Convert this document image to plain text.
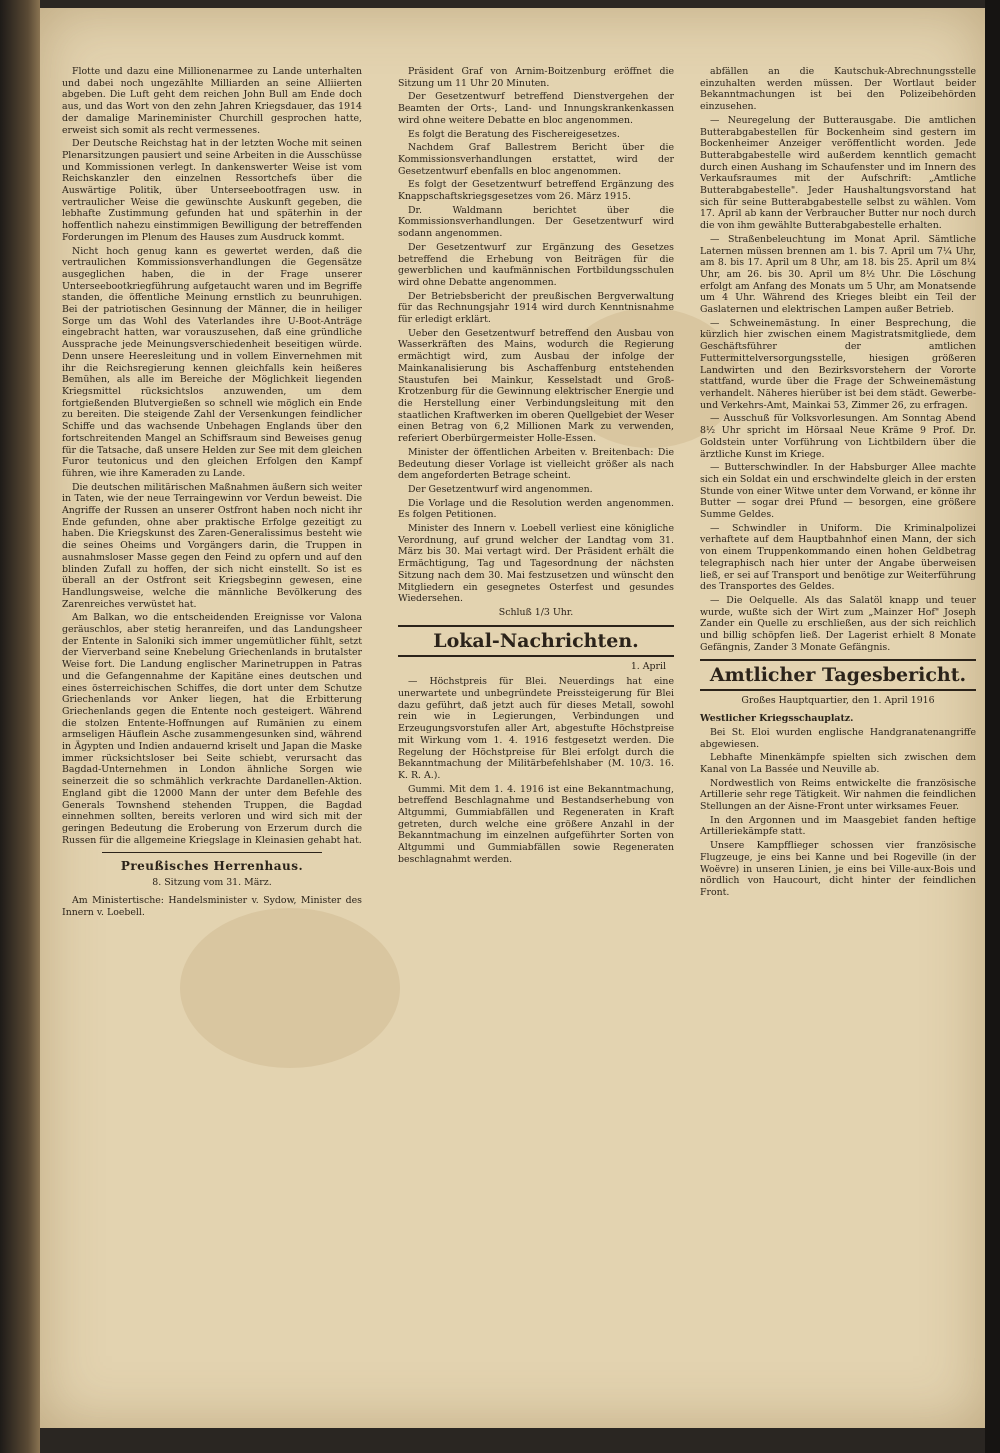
Flotte und dazu eine Millionenarmee zu Lande unterhalten und dabei noch ungezählte Milliarden an seine Alliierten abgeben. Die Luft geht dem reichen John Bull am Ende doch aus, und das Wort von den zehn Jahren Kriegsdauer, das 1914 der damalige Marineminister Churchill gesprochen hatte, erweist sich somit als recht vermessenes.

Der Deutsche Reichstag hat in der letzten Woche mit seinen Plenarsitzungen pausiert und seine Arbeiten in die Ausschüsse und Kommissionen verlegt. In dankenswerter Weise ist vom Reichskanzler den einzelnen Ressortchefs über die Auswärtige Politik, über Unterseebootfragen usw. in vertraulicher Weise die gewünschte Auskunft gegeben, die lebhafte Zustimmung gefunden hat und späterhin in der hoffentlich nahezu einstimmigen Bewilligung der betreffenden Forderungen im Plenum des Hauses zum Ausdruck kommt.

Nicht hoch genug kann es gewertet werden, daß die vertraulichen Kommissionsverhandlungen die Gegensätze ausgeglichen haben, die in der Frage unserer Unterseebootkriegführung aufgetaucht waren und im Begriffe standen, die öffentliche Meinung ernstlich zu beunruhigen. Bei der patriotischen Gesinnung der Männer, die in heiliger Sorge um das Wohl des Vaterlandes ihre U-Boot-Anträge eingebracht hatten, war vorauszusehen, daß eine gründliche Aussprache jede Meinungsverschiedenheit beseitigen würde. Denn unsere Heeresleitung und in vollem Einvernehmen mit ihr die Reichsregierung kennen gleichfalls kein heißeres Bemühen, als alle im Bereiche der Möglichkeit liegenden Kriegsmittel rücksichtslos anzuwenden, um dem fortgießenden Blutvergießen so schnell wie möglich ein Ende zu bereiten. Die steigende Zahl der Versenkungen feindlicher Schiffe und das wachsende Unbehagen Englands über den fortschreitenden Mangel an Schiffsraum sind Beweises genug für die Tatsache, daß unsere Helden zur See mit dem gleichen Furor teutonicus und den gleichen Erfolgen den Kampf führen, wie ihre Kameraden zu Lande.

Die deutschen militärischen Maßnahmen äußern sich weiter in Taten, wie der neue Terraingewinn vor Verdun beweist. Die Angriffe der Russen an unserer Ostfront haben noch nicht ihr Ende gefunden, ohne aber praktische Erfolge gezeitigt zu haben. Die Kriegskunst des Zaren-Generalissimus besteht wie die seines Oheims und Vorgängers darin, die Truppen in ausnahmsloser Masse gegen den Feind zu opfern und auf den blinden Zufall zu hoffen, der sich nicht einstellt. So ist es überall an der Ostfront seit Kriegsbeginn gewesen, eine Handlungsweise, welche die männliche Bevölkerung des Zarenreiches verwüstet hat.

Am Balkan, wo die entscheidenden Ereignisse vor Valona geräuschlos, aber stetig heranreifen, und das Landungsheer der Entente in Saloniki sich immer ungemütlicher fühlt, setzt der Vierverband seine Knebelung Griechenlands in brutalster Weise fort. Die Landung englischer Marinetruppen in Patras und die Gefangennahme der Kapitäne eines deutschen und eines österreichischen Schiffes, die dort unter dem Schutze Griechenlands vor Anker liegen, hat die Erbitterung Griechenlands gegen die Entente noch gesteigert. Während die stolzen Entente-Hoffnungen auf Rumänien zu einem armseligen Häuflein Asche zusammengesunken sind, während in Ägypten und Indien andauernd kriselt und Japan die Maske immer rücksichtsloser bei Seite schiebt, verursacht das Bagdad-Unternehmen in London ähnliche Sorgen wie seinerzeit die so schmählich verkrachte Dardanellen-Aktion. England gibt die 12000 Mann der unter dem Befehle des Generals Townshend stehenden Truppen, die Bagdad einnehmen sollten, bereits verloren und wird sich mit der geringen Bedeutung die Eroberung von Erzerum durch die Russen für die allgemeine Kriegslage in Kleinasien gehabt hat.

Preußisches Herrenhaus.
8. Sitzung vom 31. März.

Am Ministertische: Handelsminister v. Sydow, Minister des Innern v. Loebell.

Präsident Graf von Arnim-Boitzenburg eröffnet die Sitzung um 11 Uhr 20 Minuten.

Der Gesetzentwurf betreffend Dienstvergehen der Beamten der Orts-, Land- und Innungskrankenkassen wird ohne weitere Debatte en bloc angenommen.

Es folgt die Beratung des Fischereigesetzes.

Nachdem Graf Ballestrem Bericht über die Kommissionsverhandlungen erstattet, wird der Gesetzentwurf ebenfalls en bloc angenommen.

Es folgt der Gesetzentwurf betreffend Ergänzung des Knappschaftskriegsgesetzes vom 26. März 1915.

Dr. Waldmann berichtet über die Kommissionsverhandlungen. Der Gesetzentwurf wird sodann angenommen.

Der Gesetzentwurf zur Ergänzung des Gesetzes betreffend die Erhebung von Beiträgen für die gewerblichen und kaufmännischen Fortbildungsschulen wird ohne Debatte angenommen.

Der Betriebsbericht der preußischen Bergverwaltung für das Rechnungsjahr 1914 wird durch Kenntnisnahme für erledigt erklärt.

Ueber den Gesetzentwurf betreffend den Ausbau von Wasserkräften des Mains, wodurch die Regierung ermächtigt wird, zum Ausbau der infolge der Mainkanalisierung bis Aschaffenburg entstehenden Staustufen bei Mainkur, Kesselstadt und Groß-Krotzenburg für die Gewinnung elektrischer Energie und die Herstellung einer Verbindungsleitung mit den staatlichen Kraftwerken im oberen Quellgebiet der Weser einen Betrag von 6,2 Millionen Mark zu verwenden, referiert Oberbürgermeister Holle-Essen.

Minister der öffentlichen Arbeiten v. Breitenbach: Die Bedeutung dieser Vorlage ist vielleicht größer als nach dem angeforderten Betrage scheint.

Der Gesetzentwurf wird angenommen.

Die Vorlage und die Resolution werden angenommen. Es folgen Petitionen.

Minister des Innern v. Loebell verliest eine königliche Verordnung, auf grund welcher der Landtag vom 31. März bis 30. Mai vertagt wird. Der Präsident erhält die Ermächtigung, Tag und Tagesordnung der nächsten Sitzung nach dem 30. Mai festzusetzen und wünscht den Mitgliedern ein gesegnetes Osterfest und gesundes Wiedersehen.

Schluß 1/3 Uhr.
Lokal-Nachrichten.
1. April

— Höchstpreis für Blei. Neuerdings hat eine unerwartete und unbegründete Preissteigerung für Blei dazu geführt, daß jetzt auch für dieses Metall, sowohl rein wie in Legierungen, Verbindungen und Erzeugungsvorstufen aller Art, abgestufte Höchstpreise mit Wirkung vom 1. 4. 1916 festgesetzt werden. Die Regelung der Höchstpreise für Blei erfolgt durch die Bekanntmachung der Militärbefehlshaber (M. 10/3. 16. K. R. A.).

Gummi. Mit dem 1. 4. 1916 ist eine Bekanntmachung, betreffend Beschlagnahme und Bestandserhebung von Altgummi, Gummiabfällen und Regeneraten in Kraft getreten, durch welche eine größere Anzahl in der Bekanntmachung im einzelnen aufgeführter Sorten von Altgummi und Gummiabfällen sowie Regeneraten beschlagnahmt werden.

abfällen an die Kautschuk-Abrechnungsstelle einzuhalten werden müssen. Der Wortlaut beider Bekanntmachungen ist bei den Polizeibehörden einzusehen.

— Neuregelung der Butterausgabe. Die amtlichen Butterabgabestellen für Bockenheim sind gestern im Bockenheimer Anzeiger veröffentlicht worden. Jede Butterabgabestelle wird außerdem kenntlich gemacht durch einen Aushang im Schaufenster und im Innern des Verkaufsraumes mit der Aufschrift: „Amtliche Butterabgabestelle". Jeder Haushaltungsvorstand hat sich für seine Butterabgabestelle selbst zu wählen. Vom 17. April ab kann der Verbraucher Butter nur noch durch die von ihm gewählte Butterabgabestelle erhalten.

— Straßenbeleuchtung im Monat April. Sämtliche Laternen müssen brennen am 1. bis 7. April um 7¼ Uhr, am 8. bis 17. April um 8 Uhr, am 18. bis 25. April um 8¼ Uhr, am 26. bis 30. April um 8½ Uhr. Die Löschung erfolgt am Anfang des Monats um 5 Uhr, am Monatsende um 4 Uhr. Während des Krieges bleibt ein Teil der Gaslaternen und elektrischen Lampen außer Betrieb.

— Schweinemästung. In einer Besprechung, die kürzlich hier zwischen einem Magistratsmitgliede, dem Geschäftsführer der amtlichen Futtermittelversorgungsstelle, hiesigen größeren Landwirten und den Bezirksvorstehern der Vororte stattfand, wurde über die Frage der Schweinemästung verhandelt. Näheres hierüber ist bei dem städt. Gewerbe- und Verkehrs-Amt, Mainkai 53, Zimmer 26, zu erfragen.

— Ausschuß für Volksvorlesungen. Am Sonntag Abend 8½ Uhr spricht im Hörsaal Neue Kräme 9 Prof. Dr. Goldstein unter Vorführung von Lichtbildern über die ärztliche Kunst im Kriege.

— Butterschwindler. In der Habsburger Allee machte sich ein Soldat ein und erschwindelte gleich in der ersten Stunde von einer Witwe unter dem Vorwand, er könne ihr Butter — sogar drei Pfund — besorgen, eine größere Summe Geldes.

— Schwindler in Uniform. Die Kriminalpolizei verhaftete auf dem Hauptbahnhof einen Mann, der sich von einem Truppenkommando einen hohen Geldbetrag telegraphisch nach hier unter der Angabe überweisen ließ, er sei auf Transport und benötige zur Weiterführung des Transportes des Geldes.

— Die Oelquelle. Als das Salatöl knapp und teuer wurde, wußte sich der Wirt zum „Mainzer Hof" Joseph Zander ein Quelle zu erschließen, aus der sich reichlich und billig schöpfen ließ. Der Lagerist erhielt 8 Monate Gefängnis, Zander 3 Monate Gefängnis.

Amtlicher Tagesbericht.
Großes Hauptquartier, den 1. April 1916
Westlicher Kriegsschauplatz.

Bei St. Eloi wurden englische Handgranatenangriffe abgewiesen.

Lebhafte Minenkämpfe spielten sich zwischen dem Kanal von La Bassée und Neuville ab.

Nordwestlich von Reims entwickelte die französische Artillerie sehr rege Tätigkeit. Wir nahmen die feindlichen Stellungen an der Aisne-Front unter wirksames Feuer.

In den Argonnen und im Maasgebiet fanden heftige Artilleriekämpfe statt.

Unsere Kampfflieger schossen vier französische Flugzeuge, je eins bei Kanne und bei Rogeville (in der Woëvre) in unseren Linien, je eins bei Ville-aux-Bois und nördlich von Haucourt, dicht hinter der feindlichen Front.
